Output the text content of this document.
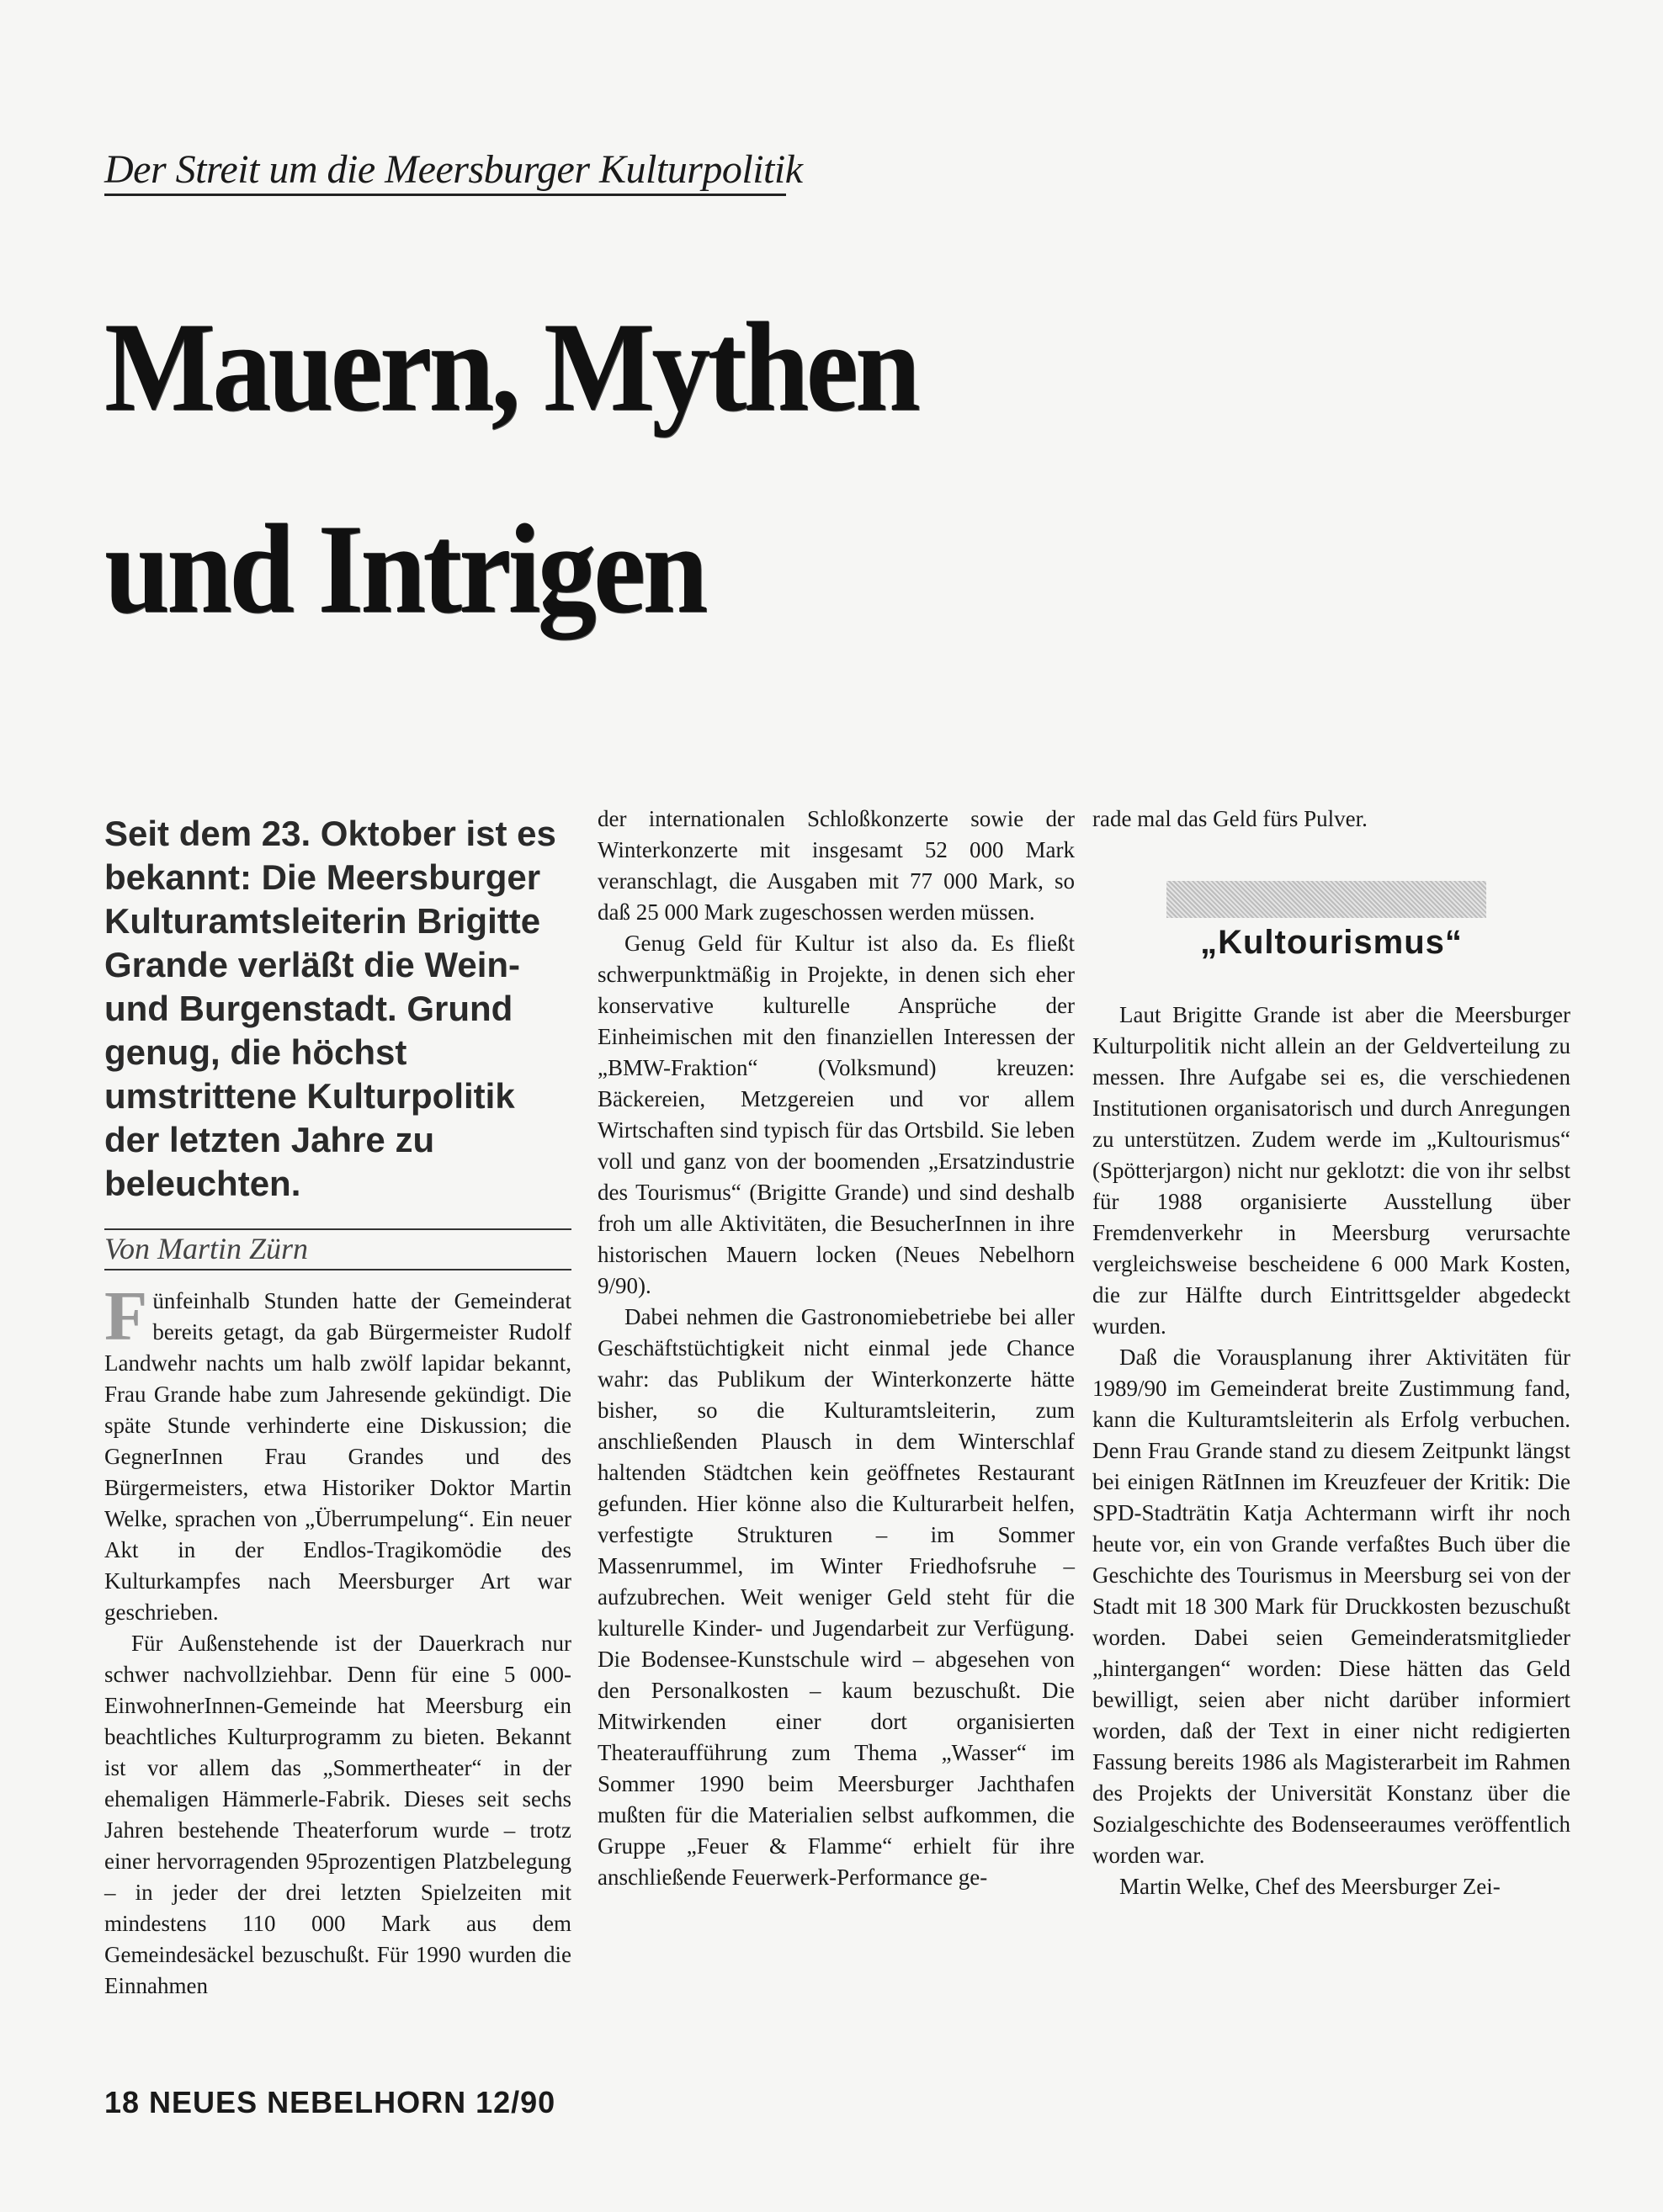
Der Streit um die Meersburger Kulturpolitik
Mauern, Mythen
und Intrigen
Seit dem 23. Oktober ist es bekannt: Die Meersburger Kulturamtsleiterin Brigitte Grande verläßt die Wein- und Burgenstadt. Grund genug, die höchst umstrittene Kulturpolitik der letzten Jahre zu beleuchten.
Von Martin Zürn

Fünfeinhalb Stunden hatte der Gemeinderat bereits getagt, da gab Bürgermeister Rudolf Landwehr nachts um halb zwölf lapidar bekannt, Frau Grande habe zum Jahresende gekündigt. Die späte Stunde verhinderte eine Diskussion; die GegnerInnen Frau Grandes und des Bürgermeisters, etwa Historiker Doktor Martin Welke, sprachen von „Überrumpelung“. Ein neuer Akt in der Endlos-Tragikomödie des Kulturkampfes nach Meersburger Art war geschrieben.

Für Außenstehende ist der Dauerkrach nur schwer nachvollziehbar. Denn für eine 5 000-EinwohnerInnen-Gemeinde hat Meersburg ein beachtliches Kulturprogramm zu bieten. Bekannt ist vor allem das „Sommertheater“ in der ehemaligen Hämmerle-Fabrik. Dieses seit sechs Jahren bestehende Theaterforum wurde – trotz einer hervorragenden 95prozentigen Platzbelegung – in jeder der drei letzten Spielzeiten mit mindestens 110 000 Mark aus dem Gemeindesäckel bezuschußt. Für 1990 wurden die Einnahmen

der internationalen Schloßkonzerte sowie der Winterkonzerte mit insgesamt 52 000 Mark veranschlagt, die Ausgaben mit 77 000 Mark, so daß 25 000 Mark zugeschossen werden müssen.

Genug Geld für Kultur ist also da. Es fließt schwerpunktmäßig in Projekte, in denen sich eher konservative kulturelle Ansprüche der Einheimischen mit den finanziellen Interessen der „BMW-Fraktion“ (Volksmund) kreuzen: Bäckereien, Metzgereien und vor allem Wirtschaften sind typisch für das Ortsbild. Sie leben voll und ganz von der boomenden „Ersatzindustrie des Tourismus“ (Brigitte Grande) und sind deshalb froh um alle Aktivitäten, die BesucherInnen in ihre historischen Mauern locken (Neues Nebelhorn 9/90).

Dabei nehmen die Gastronomiebetriebe bei aller Geschäftstüchtigkeit nicht einmal jede Chance wahr: das Publikum der Winterkonzerte hätte bisher, so die Kulturamtsleiterin, zum anschließenden Plausch in dem Winterschlaf haltenden Städtchen kein geöffnetes Restaurant gefunden. Hier könne also die Kulturarbeit helfen, verfestigte Strukturen – im Sommer Massenrummel, im Winter Friedhofsruhe – aufzubrechen. Weit weniger Geld steht für die kulturelle Kinder- und Jugendarbeit zur Verfügung. Die Bodensee-Kunstschule wird – abgesehen von den Personalkosten – kaum bezuschußt. Die Mitwirkenden einer dort organisierten Theateraufführung zum Thema „Wasser“ im Sommer 1990 beim Meersburger Jachthafen mußten für die Materialien selbst aufkommen, die Gruppe „Feuer & Flamme“ erhielt für ihre anschließende Feuerwerk-Performance ge-

rade mal das Geld fürs Pulver.

„Kultourismus“

Laut Brigitte Grande ist aber die Meersburger Kulturpolitik nicht allein an der Geldverteilung zu messen. Ihre Aufgabe sei es, die verschiedenen Institutionen organisatorisch und durch Anregungen zu unterstützen. Zudem werde im „Kultourismus“ (Spötterjargon) nicht nur geklotzt: die von ihr selbst für 1988 organisierte Ausstellung über Fremdenverkehr in Meersburg verursachte vergleichsweise bescheidene 6 000 Mark Kosten, die zur Hälfte durch Eintrittsgelder abgedeckt wurden.

Daß die Vorausplanung ihrer Aktivitäten für 1989/90 im Gemeinderat breite Zustimmung fand, kann die Kulturamtsleiterin als Erfolg verbuchen. Denn Frau Grande stand zu diesem Zeitpunkt längst bei einigen RätInnen im Kreuzfeuer der Kritik: Die SPD-Stadträtin Katja Achtermann wirft ihr noch heute vor, ein von Grande verfaßtes Buch über die Geschichte des Tourismus in Meersburg sei von der Stadt mit 18 300 Mark für Druckkosten bezuschußt worden. Dabei seien Gemeinderatsmitglieder „hintergangen“ worden: Diese hätten das Geld bewilligt, seien aber nicht darüber informiert worden, daß der Text in einer nicht redigierten Fassung bereits 1986 als Magisterarbeit im Rahmen des Projekts der Universität Konstanz über die Sozialgeschichte des Bodenseeraumes veröffentlich worden war.

Martin Welke, Chef des Meersburger Zei-

18 NEUES NEBELHORN 12/90
